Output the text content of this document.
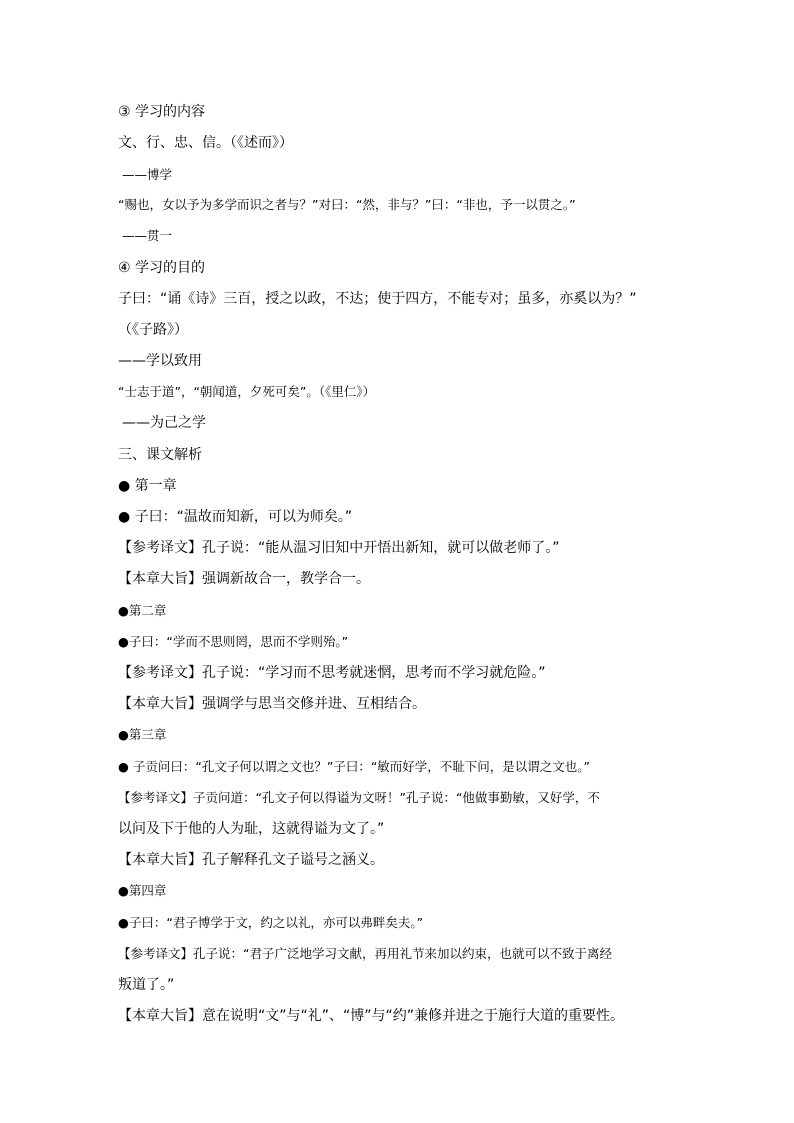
③ 学习的内容
文、行、忠、信。（《述而》）
——博学
“赐也，女以予为多学而识之者与？”对曰：“然，非与？”曰：“非也，予一以贯之。”
——贯一
④ 学习的目的
子曰：“诵《诗》三百，授之以政，不达；使于四方，不能专对；虽多，亦奚以为？”
（《子路》）
——学以致用
“士志于道”，“朝闻道，夕死可矣”。（《里仁》）
——为己之学
三、课文解析
● 第一章
● 子曰：“温故而知新，可以为师矣。”
【参考译文】孔子说：“能从温习旧知中开悟出新知，就可以做老师了。”
【本章大旨】强调新故合一，教学合一。
●第二章
●子曰：“学而不思则罔，思而不学则殆。”
【参考译文】孔子说：“学习而不思考就迷惘，思考而不学习就危险。”
【本章大旨】强调学与思当交修并进、互相结合。
●第三章
● 子贡问曰：“孔文子何以谓之文也？”子曰：“敏而好学，不耻下问，是以谓之文也。”
【参考译文】子贡问道：“孔文子何以得谥为文呀！”孔子说：“他做事勤敏，又好学，不
以问及下于他的人为耻，这就得谥为文了。”
【本章大旨】孔子解释孔文子谥号之涵义。
●第四章
●子曰：“君子博学于文，约之以礼，亦可以弗畔矣夫。”
【参考译文】孔子说：“君子广泛地学习文献，再用礼节来加以约束，也就可以不致于离经
叛道了。”
【本章大旨】意在说明“文”与“礼”、“博”与“约”兼修并进之于施行大道的重要性。
